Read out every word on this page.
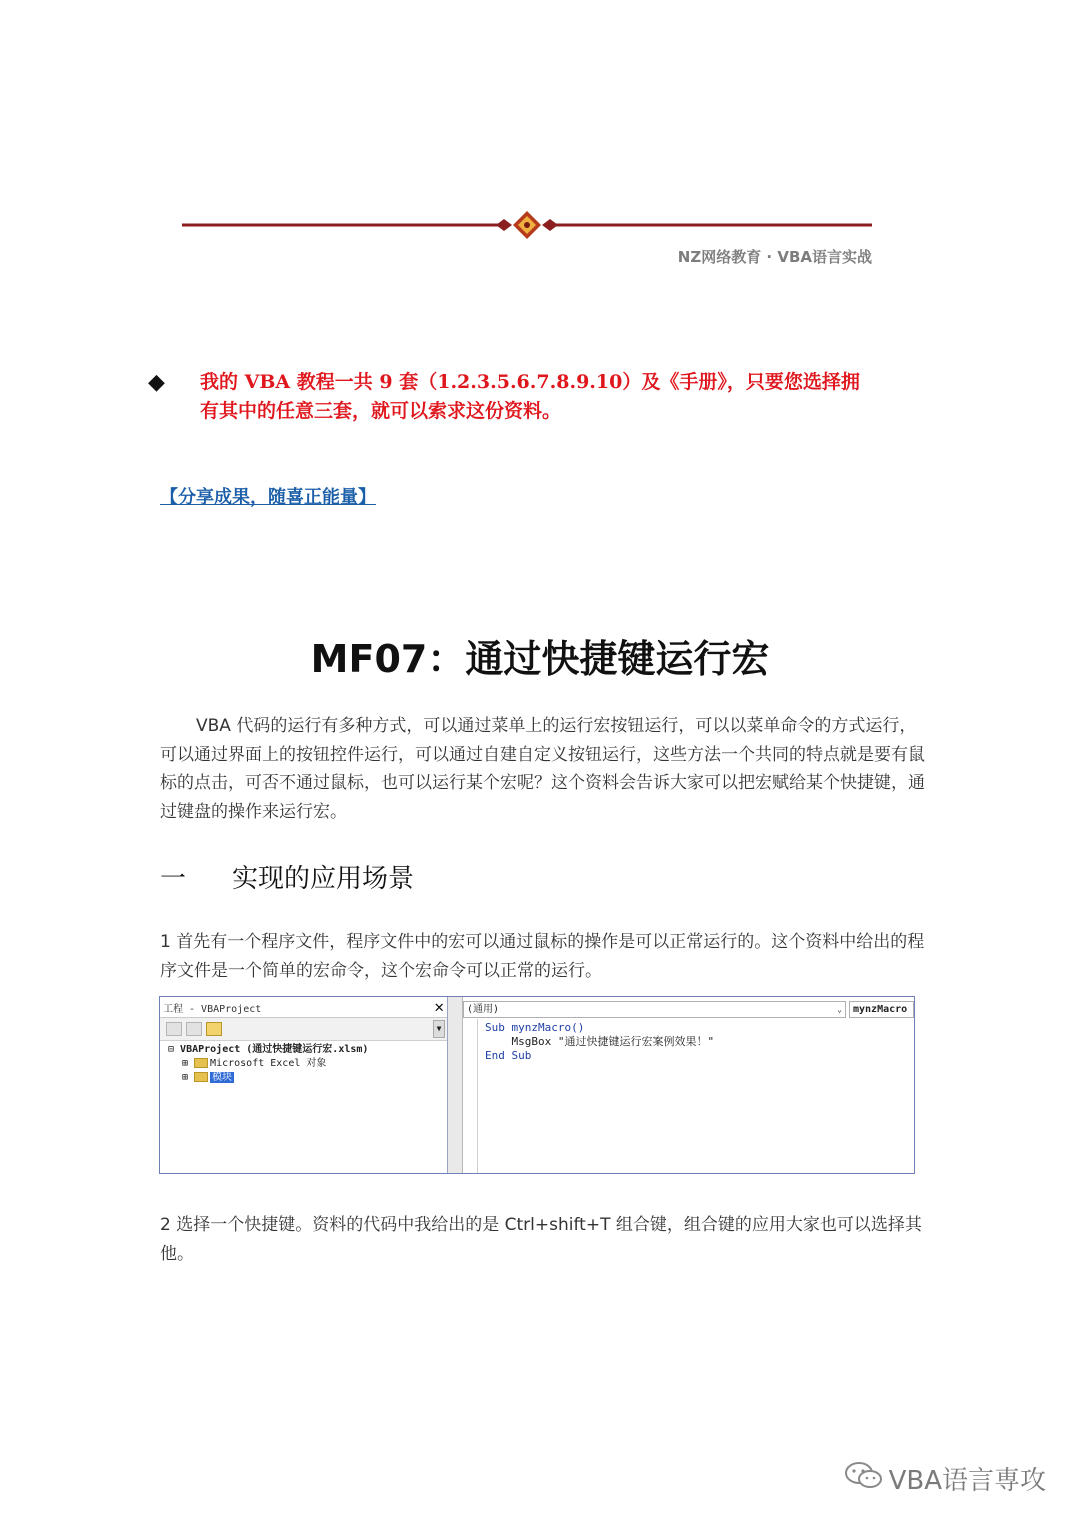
NZ网络教育 · VBA语言实战
◆ 我的 VBA 教程一共 9 套（1.2.3.5.6.7.8.9.10）及《手册》，只要您选择拥
有其中的任意三套，就可以索求这份资料。
【分享成果，随喜正能量】
MF07：通过快捷键运行宏
VBA 代码的运行有多种方式，可以通过菜单上的运行宏按钮运行，可以以菜单命令的方式运行，可以通过界面上的按钮控件运行，可以通过自建自定义按钮运行，这些方法一个共同的特点就是要有鼠标的点击，可否不通过鼠标，也可以运行某个宏呢？这个资料会告诉大家可以把宏赋给某个快捷键，通过键盘的操作来运行宏。
一 实现的应用场景
1 首先有一个程序文件，程序文件中的宏可以通过鼠标的操作是可以正常运行的。这个资料中给出的程序文件是一个简单的宏命令，这个宏命令可以正常的运行。
工程 - VBAProject	✕
▼
⊟ VBAProject (通过快捷键运行宏.xlsm)
⊞ Microsoft Excel 对象
⊞ 模块
(通用)	⌄	mynzMacro
Sub mynzMacro()
MsgBox "通过快捷键运行宏案例效果！"
End Sub
2 选择一个快捷键。资料的代码中我给出的是 Ctrl+shift+T 组合键，组合键的应用大家也可以选择其他。
VBA语言専攻
